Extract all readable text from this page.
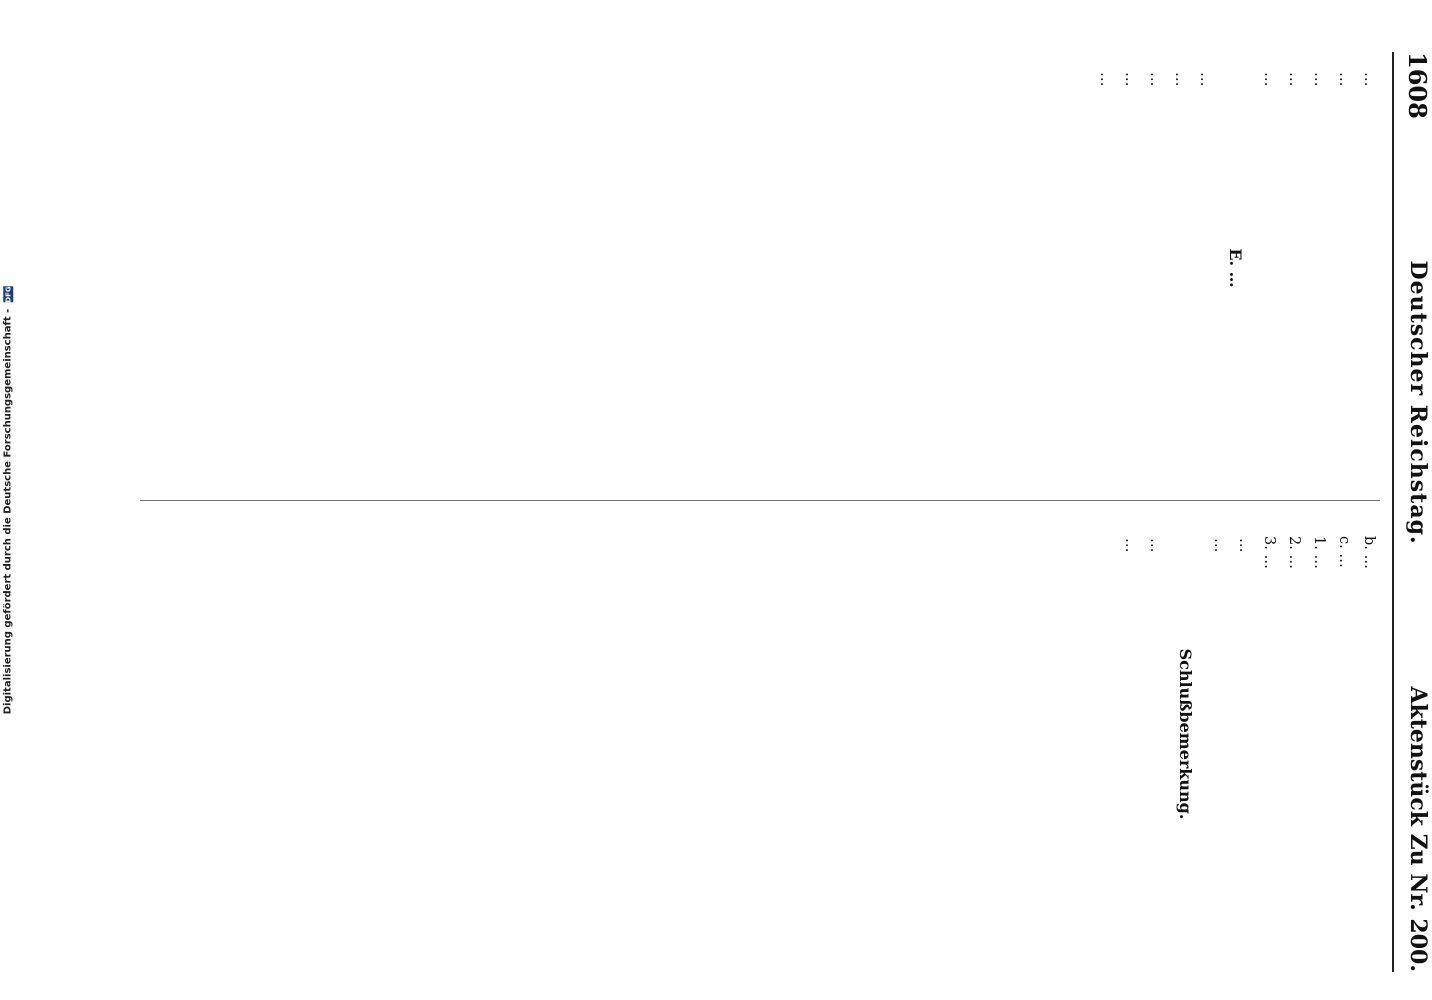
Digitalisierung gefördert durch die Deutsche Forschungsgemeinschaft -
DFG
1608
Deutscher Reichstag.
Aktenstück Zu Nr. 200.

…

…

…

…

…

E. …

…

…

…

…

…

b. …

c. …

1. …

2. …

3. …

…

…

Schlußbemerkung.

…

…
